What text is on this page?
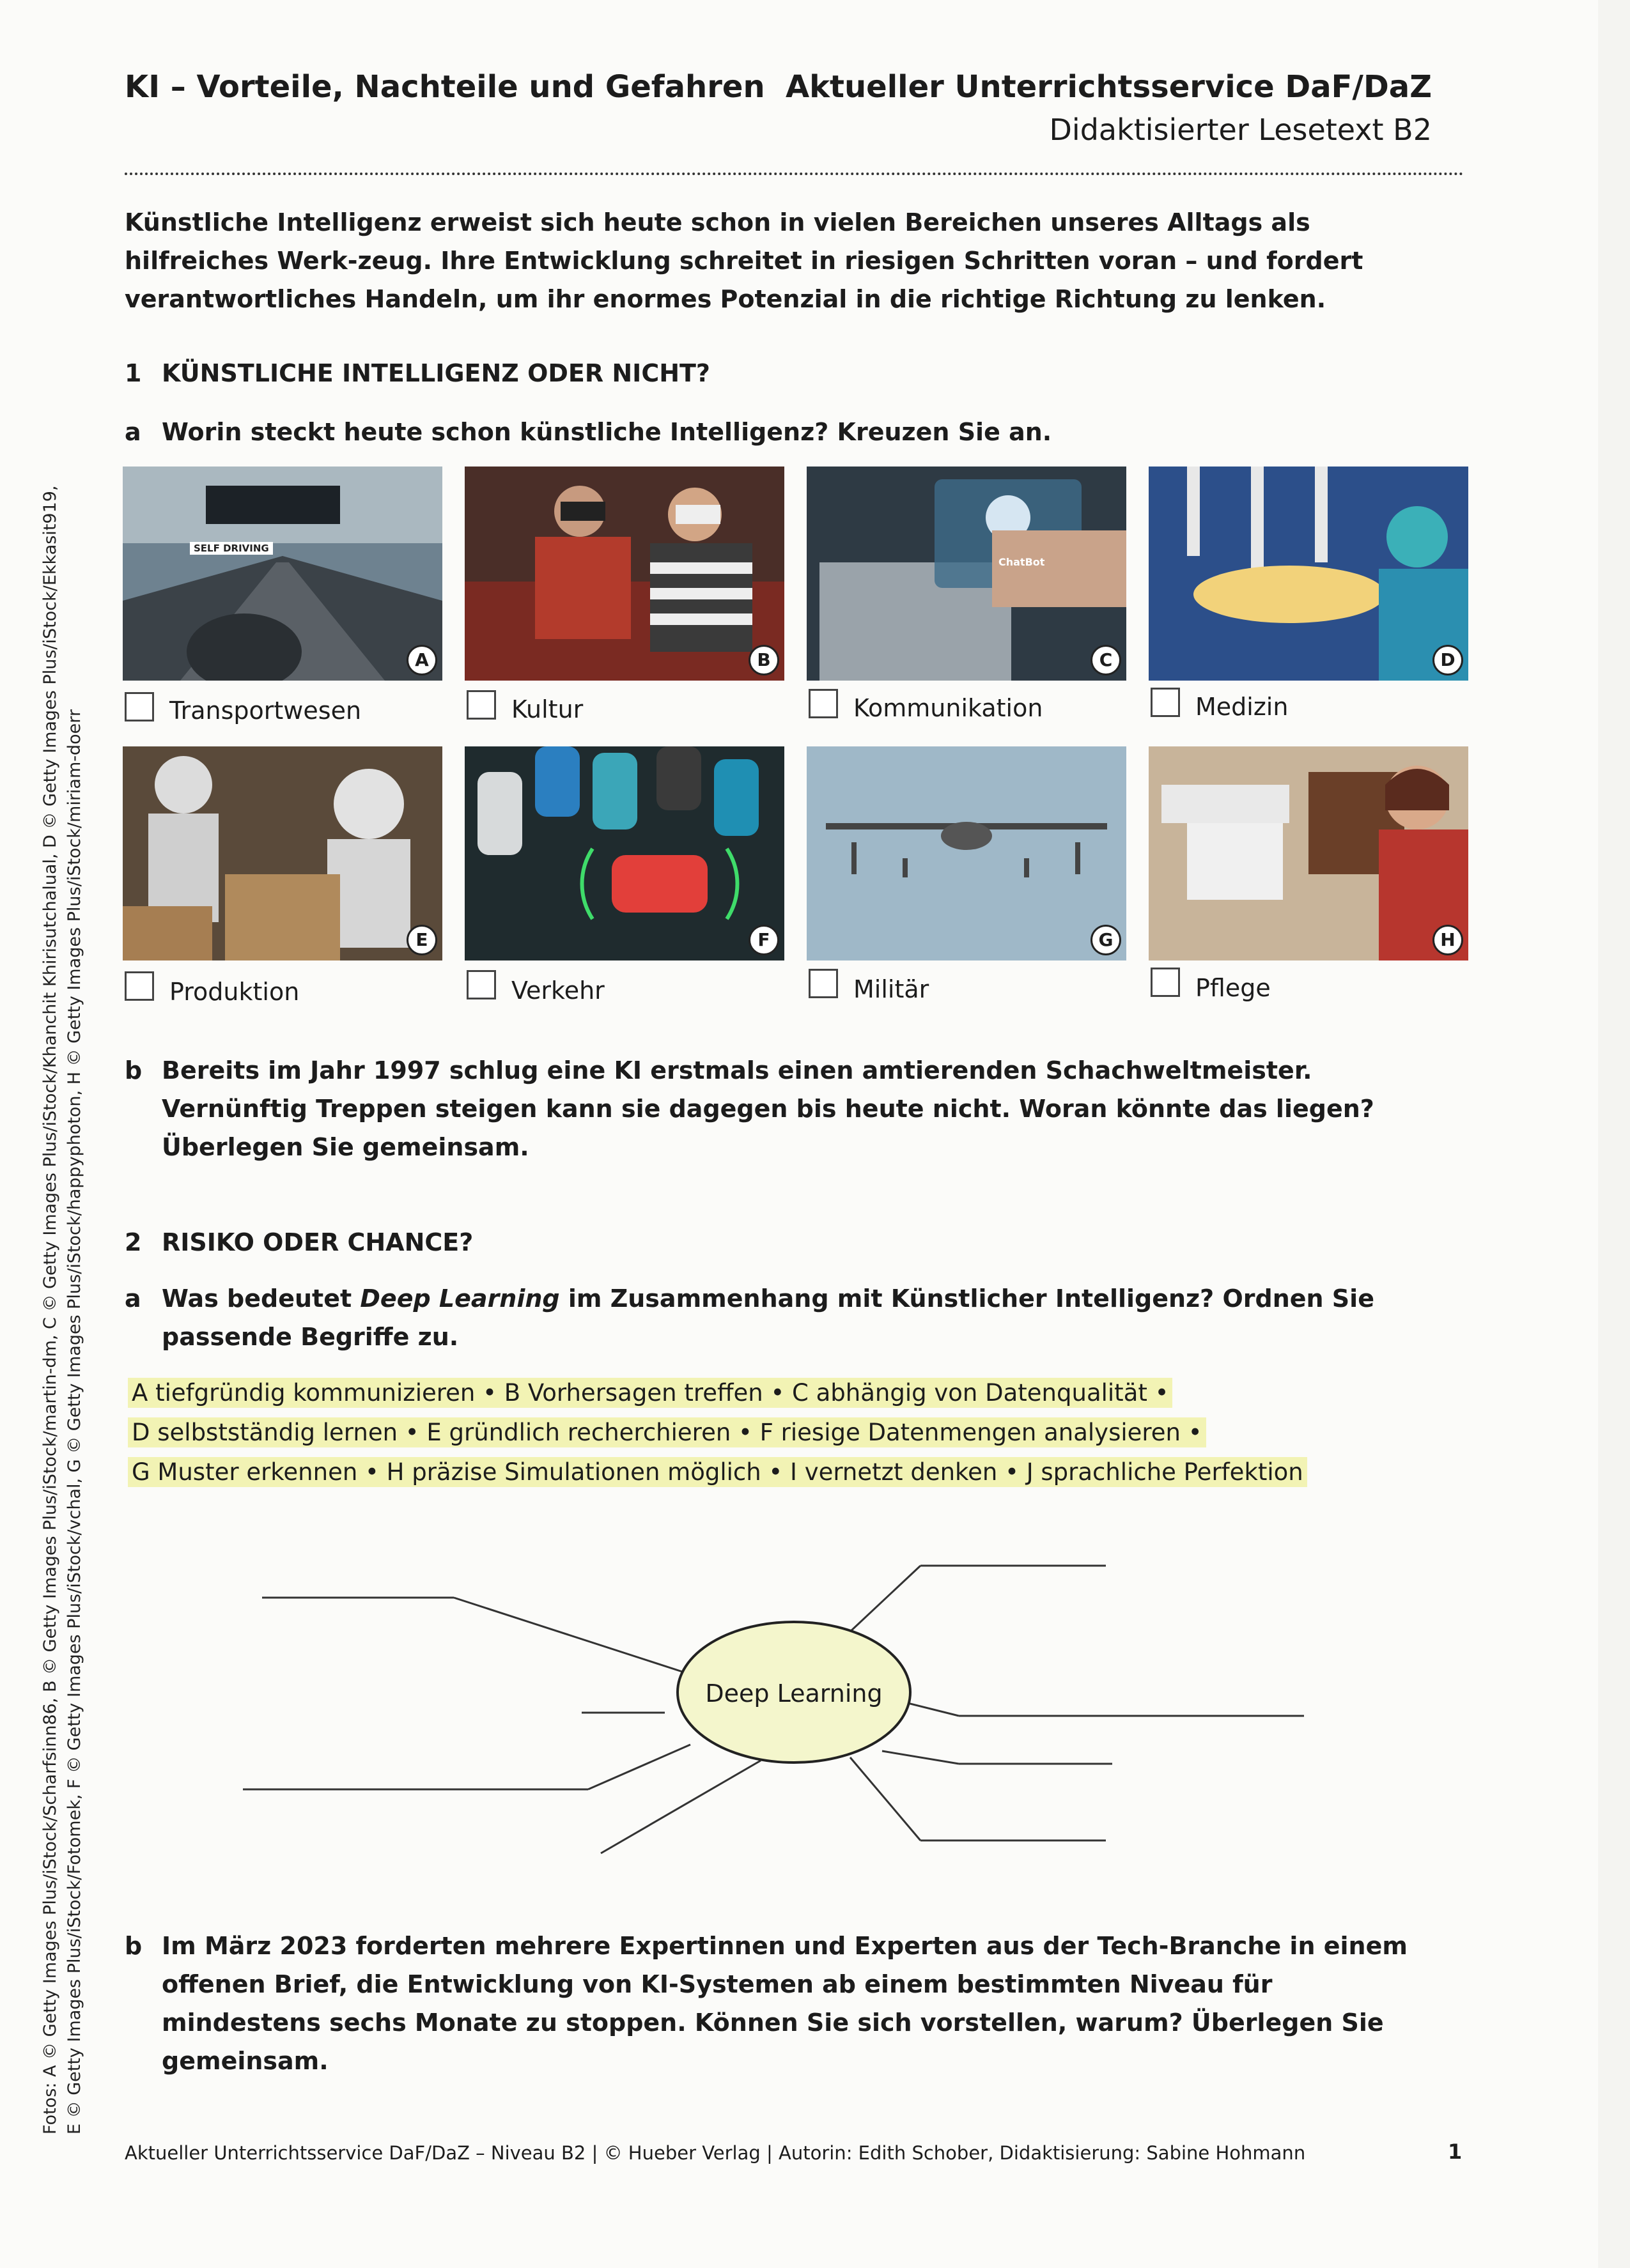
KI – Vorteile, Nachteile und Gefahren Aktueller Unterrichtsservice DaF/DaZ
Didaktisierter Lesetext B2
Künstliche Intelligenz erweist sich heute schon in vielen Bereichen unseres Alltags als hilfreiches Werk-zeug. Ihre Entwicklung schreitet in riesigen Schritten voran – und fordert verantwortliches Handeln, um ihr enormes Potenzial in die richtige Richtung zu lenken.
1 KÜNSTLICHE INTELLIGENZ ODER NICHT?
a Worin steckt heute schon künstliche Intelligenz? Kreuzen Sie an.
SELF DRIVING
A	B
ChatBot
C	D
Transportwesen	Kultur	Kommunikation	Medizin
E	F	G	H
Produktion	Verkehr	Militär	Pflege
b Bereits im Jahr 1997 schlug eine KI erstmals einen amtierenden Schachweltmeister. Vernünftig Treppen steigen kann sie dagegen bis heute nicht. Woran könnte das liegen? Überlegen Sie gemeinsam.
2 RISIKO ODER CHANCE?
a Was bedeutet Deep Learning im Zusammenhang mit Künstlicher Intelligenz? Ordnen Sie passende Begriffe zu.
A tiefgründig kommunizieren • B Vorhersagen treffen • C abhängig von Datenqualität •
D selbstständig lernen • E gründlich recherchieren • F riesige Datenmengen analysieren •
G Muster erkennen • H präzise Simulationen möglich • I vernetzt denken • J sprachliche Perfektion
Deep Learning
b Im März 2023 forderten mehrere Expertinnen und Experten aus der Tech-Branche in einem offenen Brief, die Entwicklung von KI-Systemen ab einem bestimmten Niveau für mindestens sechs Monate zu stoppen. Können Sie sich vorstellen, warum? Überlegen Sie gemeinsam.
Fotos: A © Getty Images Plus/iStock/Scharfsinn86, B © Getty Images Plus/iStock/martin-dm, C © Getty Images Plus/iStock/Khanchit Khirisutchalual, D © Getty Images Plus/iStock/Ekkasit919, E © Getty Images Plus/iStock/Fotomek, F © Getty Images Plus/iStock/vchal, G © Getty Images Plus/iStock/happyphoton, H © Getty Images Plus/iStock/miriam-doerr
Aktueller Unterrichtsservice DaF/DaZ – Niveau B2 | © Hueber Verlag | Autorin: Edith Schober, Didaktisierung: Sabine Hohmann	1
